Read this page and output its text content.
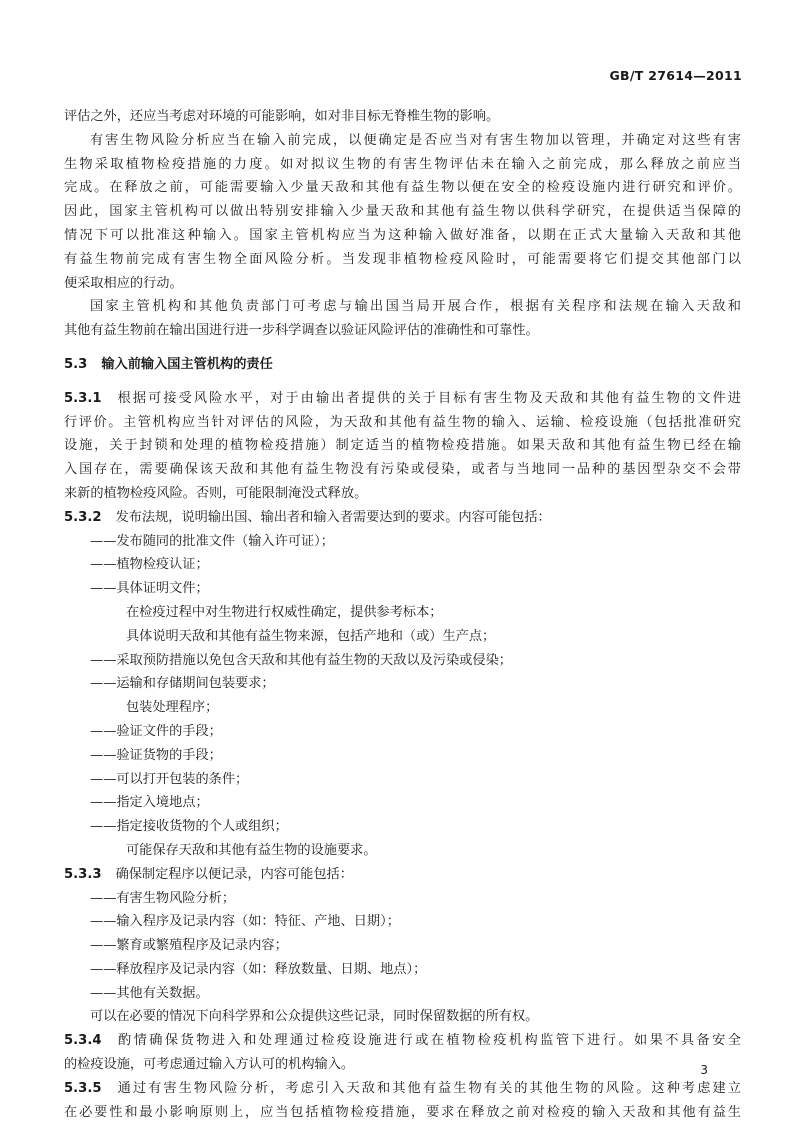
GB/T 27614—2011
评估之外，还应当考虑对环境的可能影响，如对非目标无脊椎生物的影响。
有害生物风险分析应当在输入前完成，以便确定是否应当对有害生物加以管理，并确定对这些有害
生物采取植物检疫措施的力度。如对拟议生物的有害生物评估未在输入之前完成，那么释放之前应当
完成。在释放之前，可能需要输入少量天敌和其他有益生物以便在安全的检疫设施内进行研究和评价。
因此，国家主管机构可以做出特别安排输入少量天敌和其他有益生物以供科学研究，在提供适当保障的
情况下可以批准这种输入。国家主管机构应当为这种输入做好准备，以期在正式大量输入天敌和其他
有益生物前完成有害生物全面风险分析。当发现非植物检疫风险时，可能需要将它们提交其他部门以
便采取相应的行动。
国家主管机构和其他负责部门可考虑与输出国当局开展合作，根据有关程序和法规在输入天敌和
其他有益生物前在输出国进行进一步科学调查以验证风险评估的准确性和可靠性。
5.3 输入前输入国主管机构的责任
5.3.1 根据可接受风险水平，对于由输出者提供的关于目标有害生物及天敌和其他有益生物的文件进
行评价。主管机构应当针对评估的风险，为天敌和其他有益生物的输入、运输、检疫设施（包括批准研究
设施，关于封锁和处理的植物检疫措施）制定适当的植物检疫措施。如果天敌和其他有益生物已经在输
入国存在，需要确保该天敌和其他有益生物没有污染或侵染，或者与当地同一品种的基因型杂交不会带
来新的植物检疫风险。否则，可能限制淹没式释放。
5.3.2 发布法规，说明输出国、输出者和输入者需要达到的要求。内容可能包括：
——发布随同的批准文件（输入许可证）；
——植物检疫认证；
——具体证明文件；
在检疫过程中对生物进行权威性确定，提供参考标本；
具体说明天敌和其他有益生物来源，包括产地和（或）生产点；
——采取预防措施以免包含天敌和其他有益生物的天敌以及污染或侵染；
——运输和存储期间包装要求；
包装处理程序；
——验证文件的手段；
——验证货物的手段；
——可以打开包装的条件；
——指定入境地点；
——指定接收货物的个人或组织；
可能保存天敌和其他有益生物的设施要求。
5.3.3 确保制定程序以便记录，内容可能包括：
——有害生物风险分析；
——输入程序及记录内容（如：特征、产地、日期）；
——繁育或繁殖程序及记录内容；
——释放程序及记录内容（如：释放数量、日期、地点）；
——其他有关数据。
可以在必要的情况下向科学界和公众提供这些记录，同时保留数据的所有权。
5.3.4 酌情确保货物进入和处理通过检疫设施进行或在植物检疫机构监管下进行。如果不具备安全
的检疫设施，可考虑通过输入方认可的机构输入。
5.3.5 通过有害生物风险分析，考虑引入天敌和其他有益生物有关的其他生物的风险。这种考虑建立
在必要性和最小影响原则上，应当包括植物检疫措施，要求在释放之前对检疫的输入天敌和其他有益生
3
